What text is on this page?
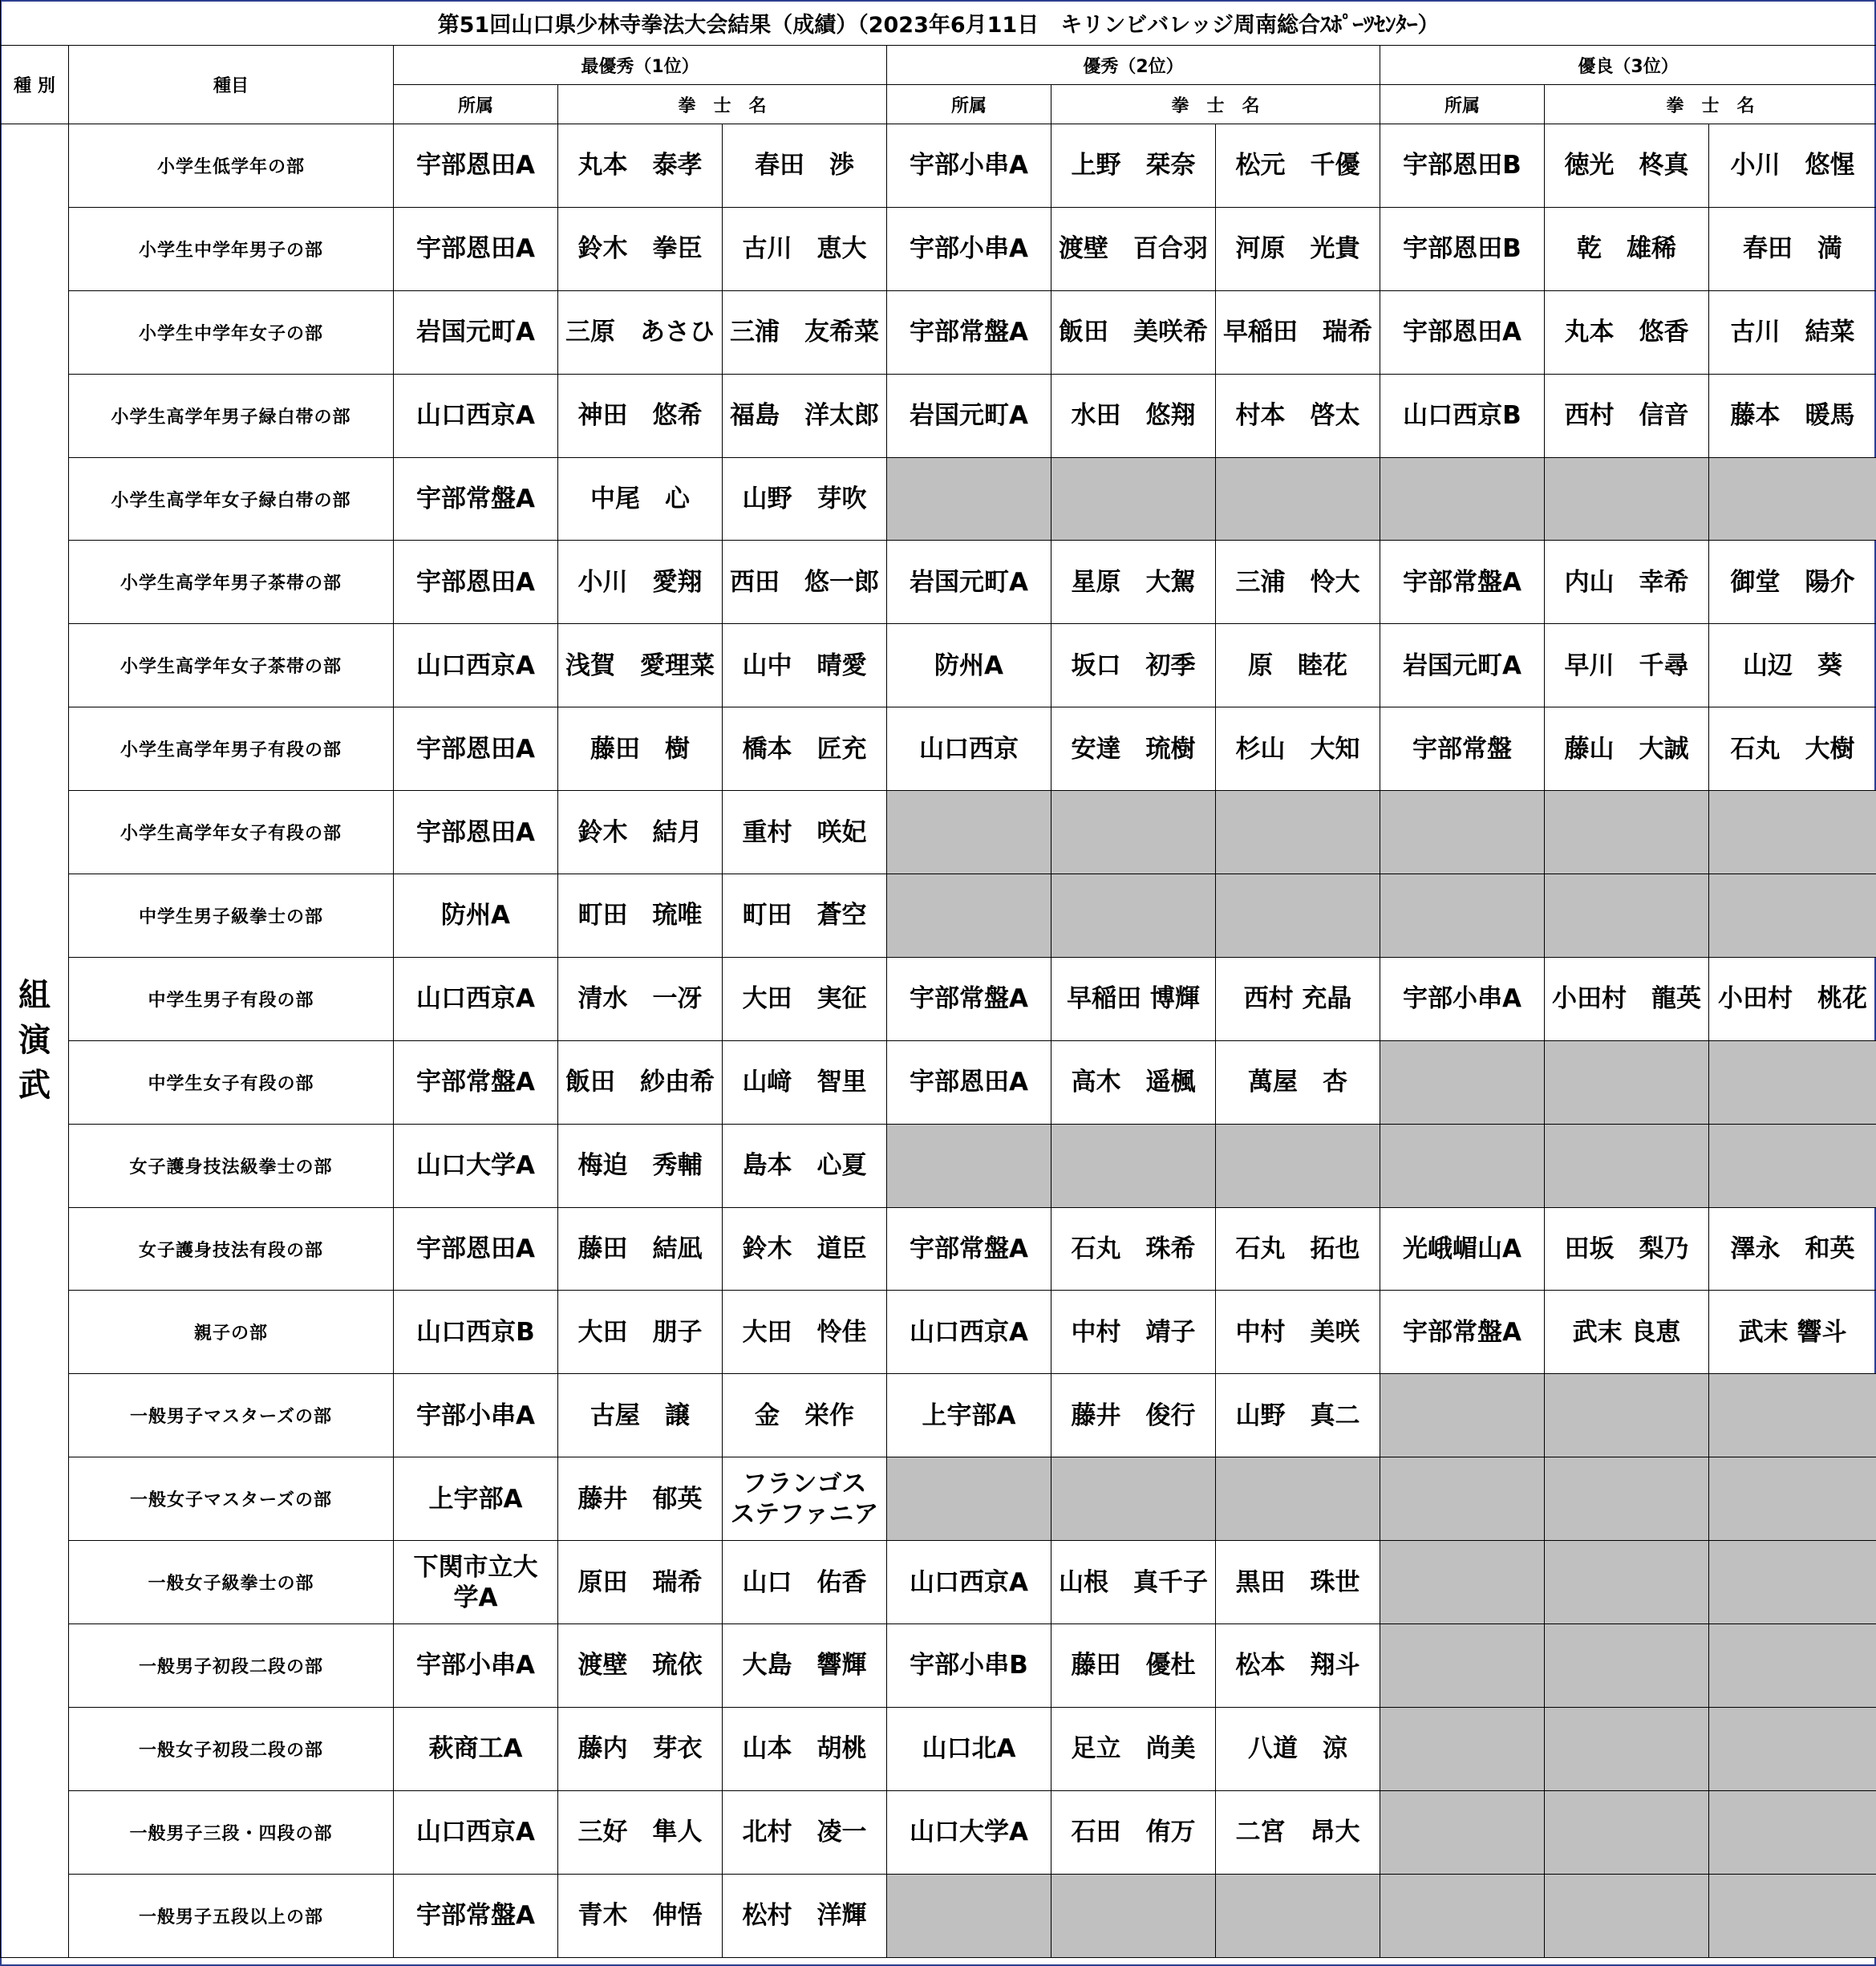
第51回山口県少林寺拳法大会結果（成績）（2023年6月11日　キリンビバレッジ周南総合ｽﾎﾟｰﾂｾﾝﾀｰ）										
種 別	種目	最優秀（1位）			優秀（2位）			優良（3位）		
		所属	拳　士　名		所属	拳　士　名		所属	拳　士　名	

組
演
武	小学生低学年の部	宇部恩田A	丸本　泰孝	春田　渉	宇部小串A	上野　栞奈	松元　千優	宇部恩田B	徳光　柊真	小川　悠惺
	小学生中学年男子の部	宇部恩田A	鈴木　拳臣	古川　恵大	宇部小串A	渡壁　百合羽	河原　光貴	宇部恩田B	乾　雄稀	春田　満
	小学生中学年女子の部	岩国元町A	三原　あさひ	三浦　友希菜	宇部常盤A	飯田　美咲希	早稲田　瑞希	宇部恩田A	丸本　悠香	古川　結菜
	小学生高学年男子緑白帯の部	山口西京A	神田　悠希	福島　洋太郎	岩国元町A	水田　悠翔	村本　啓太	山口西京B	西村　信音	藤本　暖馬
	小学生高学年女子緑白帯の部	宇部常盤A	中尾　心	山野　芽吹						
	小学生高学年男子茶帯の部	宇部恩田A	小川　愛翔	西田　悠一郎	岩国元町A	星原　大駕	三浦　怜大	宇部常盤A	内山　幸希	御堂　陽介
	小学生高学年女子茶帯の部	山口西京A	浅賀　愛理菜	山中　晴愛	防州A	坂口　初季	原　睦花	岩国元町A	早川　千尋	山辺　葵
	小学生高学年男子有段の部	宇部恩田A	藤田　樹	橋本　匠充	山口西京	安達　琉樹	杉山　大知	宇部常盤	藤山　大誠	石丸　大樹
	小学生高学年女子有段の部	宇部恩田A	鈴木　結月	重村　咲妃						
	中学生男子級拳士の部	防州A	町田　琉唯	町田　蒼空						
	中学生男子有段の部	山口西京A	清水　一冴	大田　実征	宇部常盤A	早稲田 博輝	西村 充晶	宇部小串A	小田村　龍英	小田村　桃花
	中学生女子有段の部	宇部常盤A	飯田　紗由希	山﨑　智里	宇部恩田A	高木　遥楓	萬屋　杏			
	女子護身技法級拳士の部	山口大学A	梅迫　秀輔	島本　心夏						
	女子護身技法有段の部	宇部恩田A	藤田　結凪	鈴木　道臣	宇部常盤A	石丸　珠希	石丸　拓也	光峨嵋山A	田坂　梨乃	澤永　和英
	親子の部	山口西京B	大田　朋子	大田　怜佳	山口西京A	中村　靖子	中村　美咲	宇部常盤A	武末 良恵	武末 響斗
	一般男子マスターズの部	宇部小串A	古屋　譲	金　栄作	上宇部A	藤井　俊行	山野　真二			
	一般女子マスターズの部	上宇部A	藤井　郁英	フランゴス
ステファニア						
	一般女子級拳士の部	下関市立大
学A	原田　瑞希	山口　佑香	山口西京A	山根　真千子	黒田　珠世			
	一般男子初段二段の部	宇部小串A	渡壁　琉依	大島　響輝	宇部小串B	藤田　優杜	松本　翔斗			
	一般女子初段二段の部	萩商工A	藤内　芽衣	山本　胡桃	山口北A	足立　尚美	八道　涼			
	一般男子三段・四段の部	山口西京A	三好　隼人	北村　凌一	山口大学A	石田　侑万	二宮　昂大			
	一般男子五段以上の部	宇部常盤A	青木　伸悟	松村　洋輝						
